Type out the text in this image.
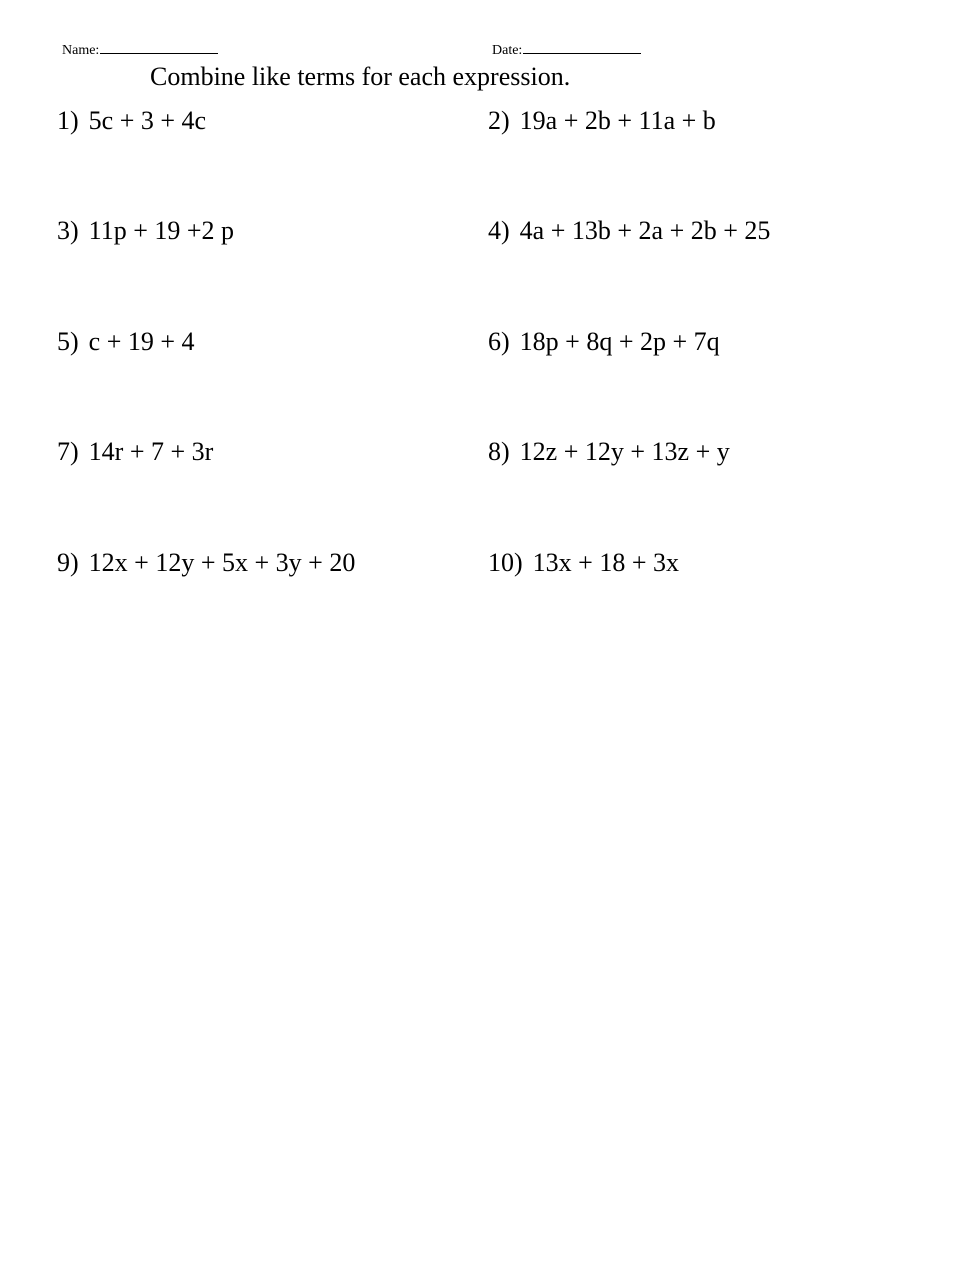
Name:	Date:
Combine like terms for each expression.
1) 5c + 3 + 4c	2) 19a + 2b + 11a + b
3) 11p + 19 +2 p	4) 4a + 13b + 2a + 2b + 25
5) c + 19 + 4	6) 18p + 8q + 2p + 7q
7) 14r + 7 + 3r	8) 12z + 12y + 13z + y
9) 12x + 12y + 5x + 3y + 20	10) 13x + 18 + 3x
